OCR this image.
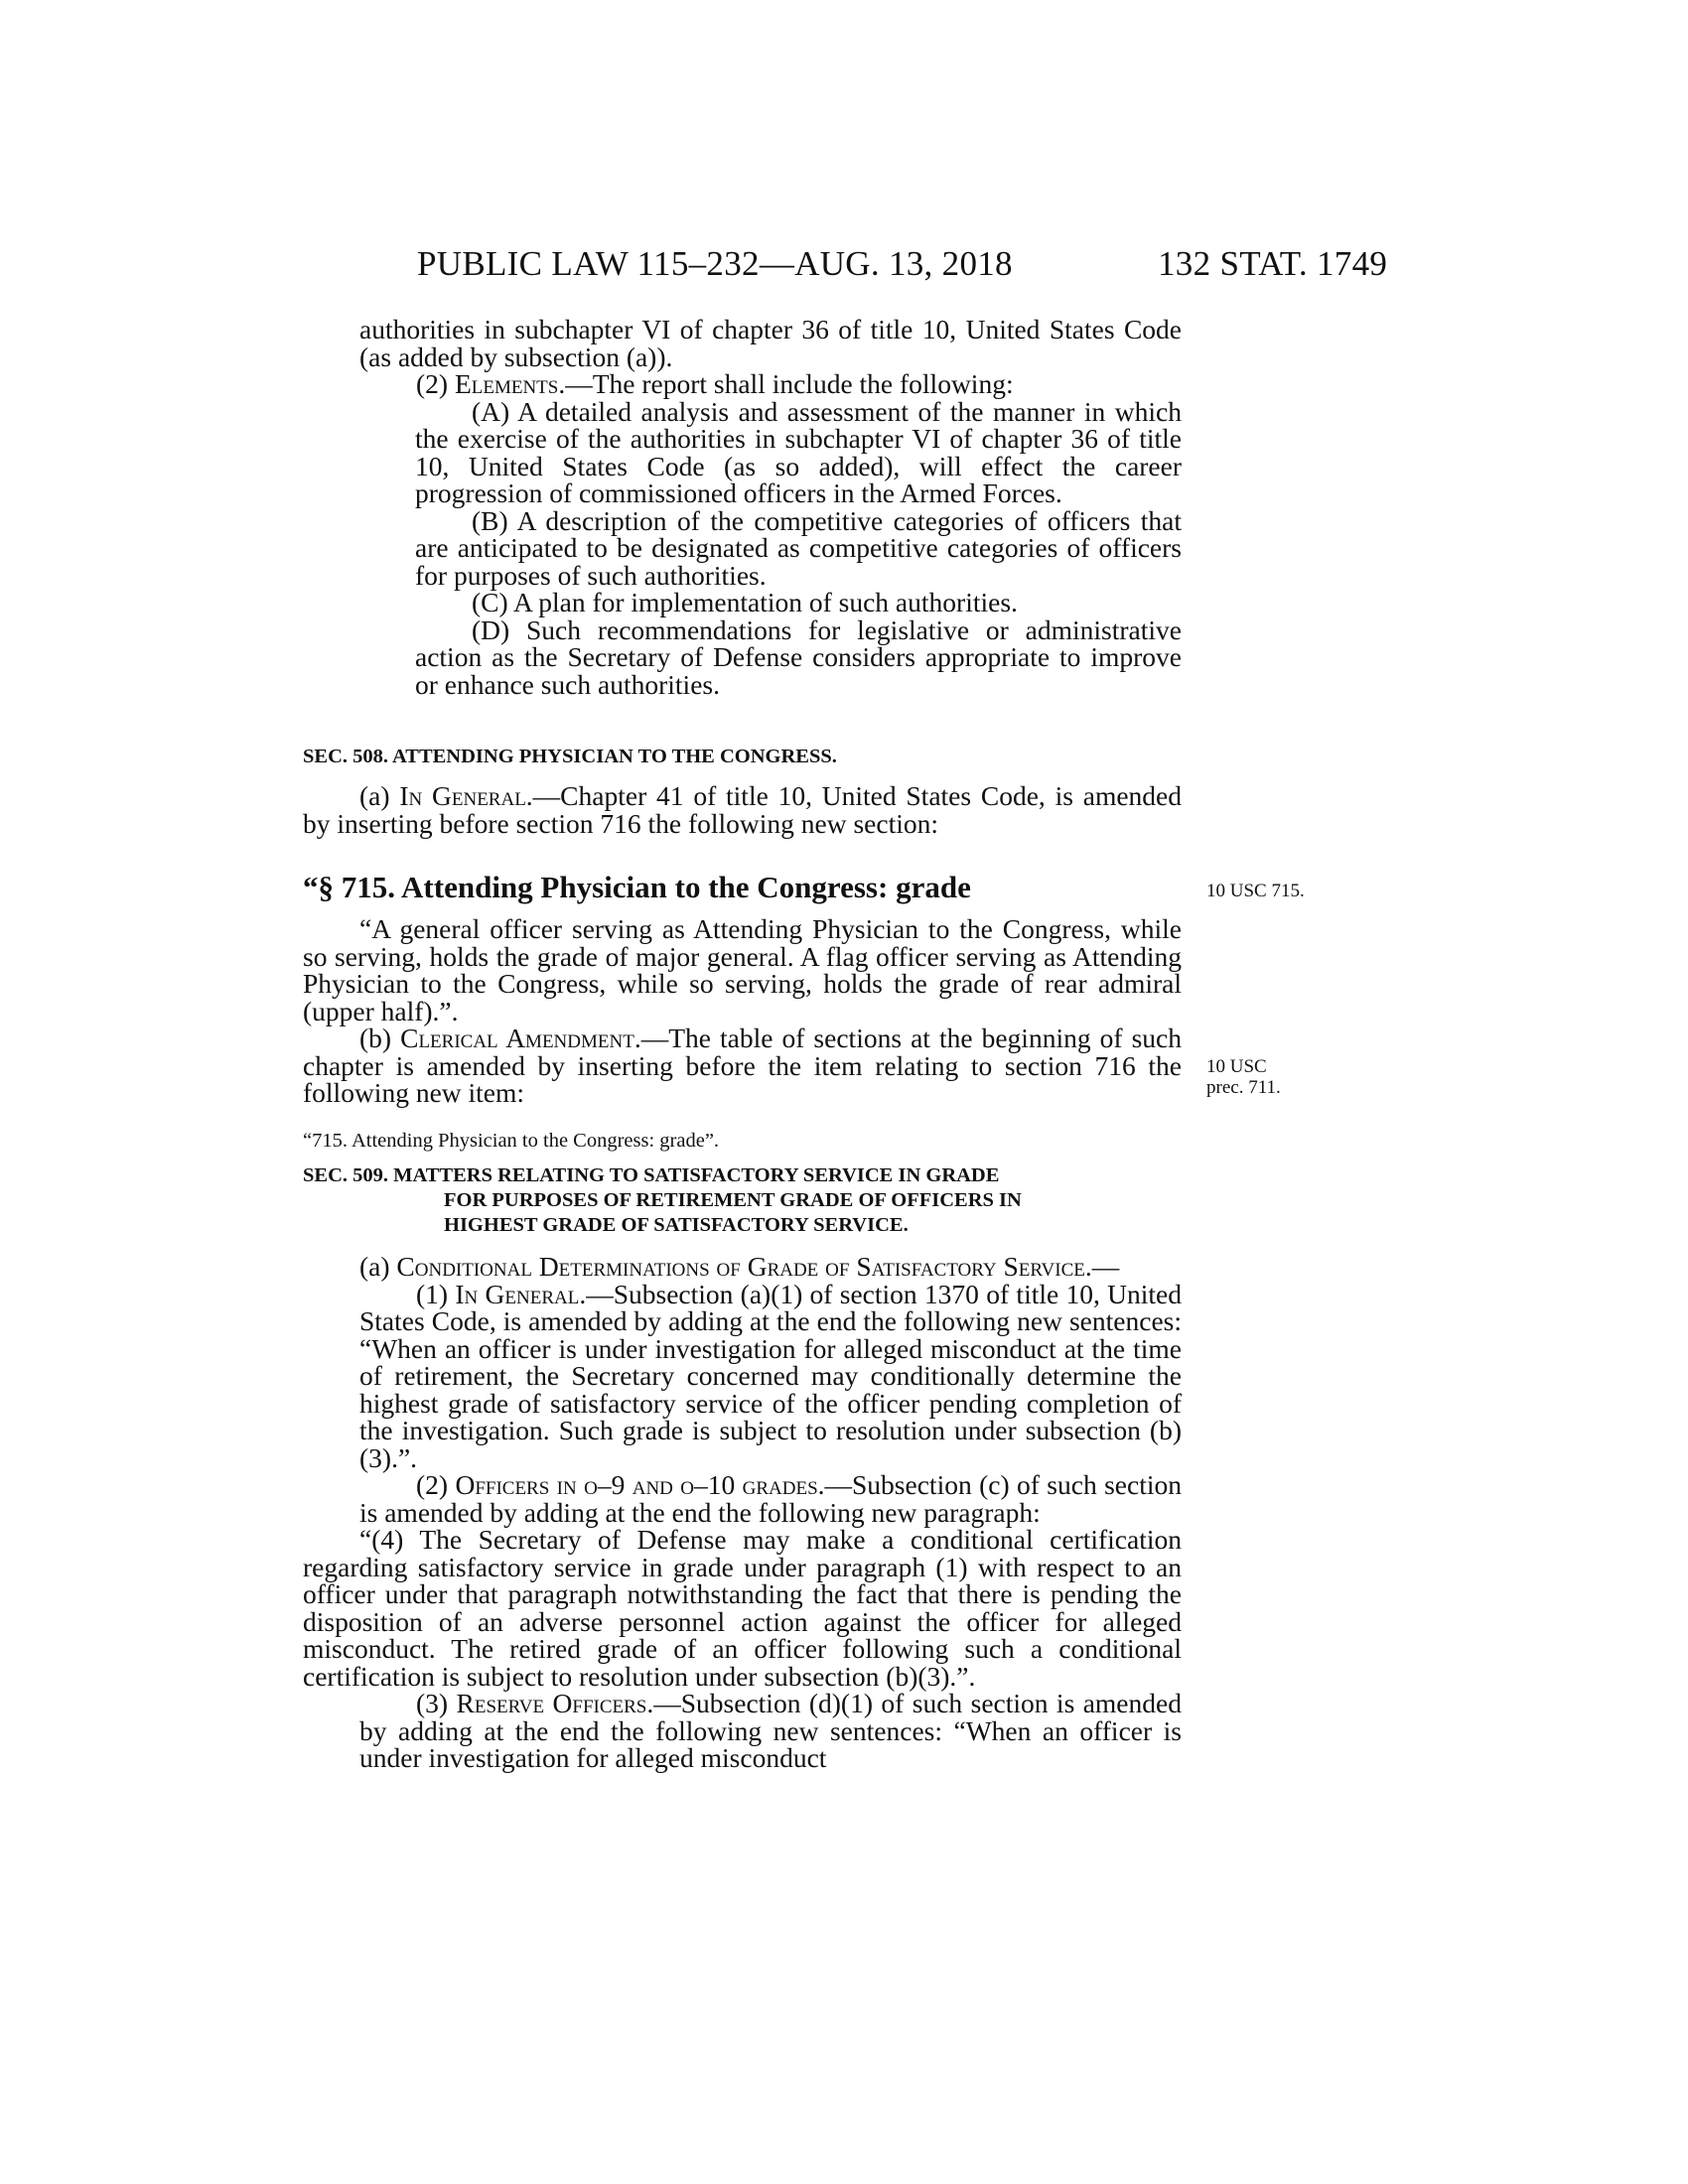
PUBLIC LAW 115–232—AUG. 13, 2018	132 STAT. 1749

authorities in subchapter VI of chapter 36 of title 10, United States Code (as added by subsection (a)).

(2) Elements.—The report shall include the following:

(A) A detailed analysis and assessment of the manner in which the exercise of the authorities in subchapter VI of chapter 36 of title 10, United States Code (as so added), will effect the career progression of commissioned officers in the Armed Forces.

(B) A description of the competitive categories of officers that are anticipated to be designated as competitive categories of officers for purposes of such authorities.

(C) A plan for implementation of such authorities.

(D) Such recommendations for legislative or administrative action as the Secretary of Defense considers appropriate to improve or enhance such authorities.

SEC. 508. ATTENDING PHYSICIAN TO THE CONGRESS.

(a) In General.—Chapter 41 of title 10, United States Code, is amended by inserting before section 716 the following new section:

“§ 715. Attending Physician to the Congress: grade	10 USC 715.

“A general officer serving as Attending Physician to the Congress, while so serving, holds the grade of major general. A flag officer serving as Attending Physician to the Congress, while so serving, holds the grade of rear admiral (upper half).”.

(b) Clerical Amendment.—The table of sections at the beginning of such chapter is amended by inserting before the item relating to section 716 the following new item:

10 USC
prec. 711.

“715. Attending Physician to the Congress: grade”.

SEC. 509. MATTERS RELATING TO SATISFACTORY SERVICE IN GRADE
FOR PURPOSES OF RETIREMENT GRADE OF OFFICERS IN
HIGHEST GRADE OF SATISFACTORY SERVICE.

(a) Conditional Determinations of Grade of Satisfactory Service.—

(1) In General.—Subsection (a)(1) of section 1370 of title 10, United States Code, is amended by adding at the end the following new sentences: “When an officer is under investigation for alleged misconduct at the time of retirement, the Secretary concerned may conditionally determine the highest grade of satisfactory service of the officer pending completion of the investigation. Such grade is subject to resolution under subsection (b)(3).”.

(2) Officers in o–9 and o–10 grades.—Subsection (c) of such section is amended by adding at the end the following new paragraph:

“(4) The Secretary of Defense may make a conditional certification regarding satisfactory service in grade under paragraph (1) with respect to an officer under that paragraph notwithstanding the fact that there is pending the disposition of an adverse personnel action against the officer for alleged misconduct. The retired grade of an officer following such a conditional certification is subject to resolution under subsection (b)(3).”.

(3) Reserve Officers.—Subsection (d)(1) of such section is amended by adding at the end the following new sentences: “When an officer is under investigation for alleged misconduct
